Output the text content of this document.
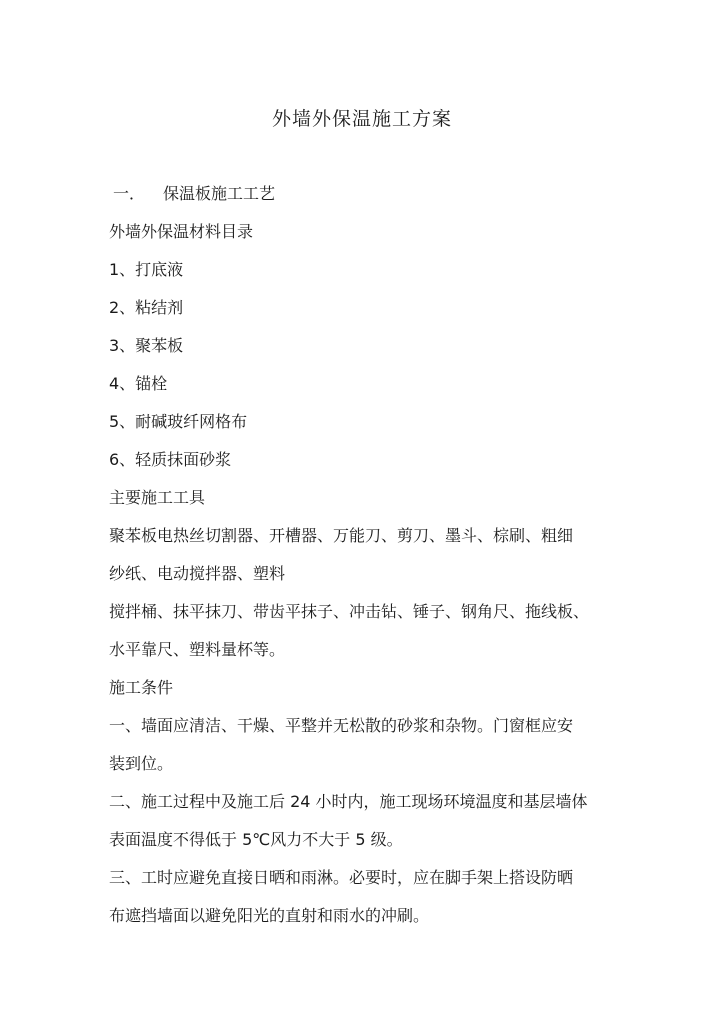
外墙外保温施工方案
一． 保温板施工工艺
外墙外保温材料目录
1、打底液
2、粘结剂
3、聚苯板
4、锚栓
5、耐碱玻纤网格布
6、轻质抹面砂浆
主要施工工具
聚苯板电热丝切割器、开槽器、万能刀、剪刀、墨斗、棕刷、粗细
纱纸、电动搅拌器、塑料
搅拌桶、抹平抹刀、带齿平抹子、冲击钻、锤子、钢角尺、拖线板、
水平靠尺、塑料量杯等。
施工条件
一、墙面应清洁、干燥、平整并无松散的砂浆和杂物。门窗框应安
装到位。
二、施工过程中及施工后 24 小时内，施工现场环境温度和基层墙体
表面温度不得低于 5℃风力不大于 5 级。
三、工时应避免直接日晒和雨淋。必要时，应在脚手架上搭设防晒
布遮挡墙面以避免阳光的直射和雨水的冲刷。
